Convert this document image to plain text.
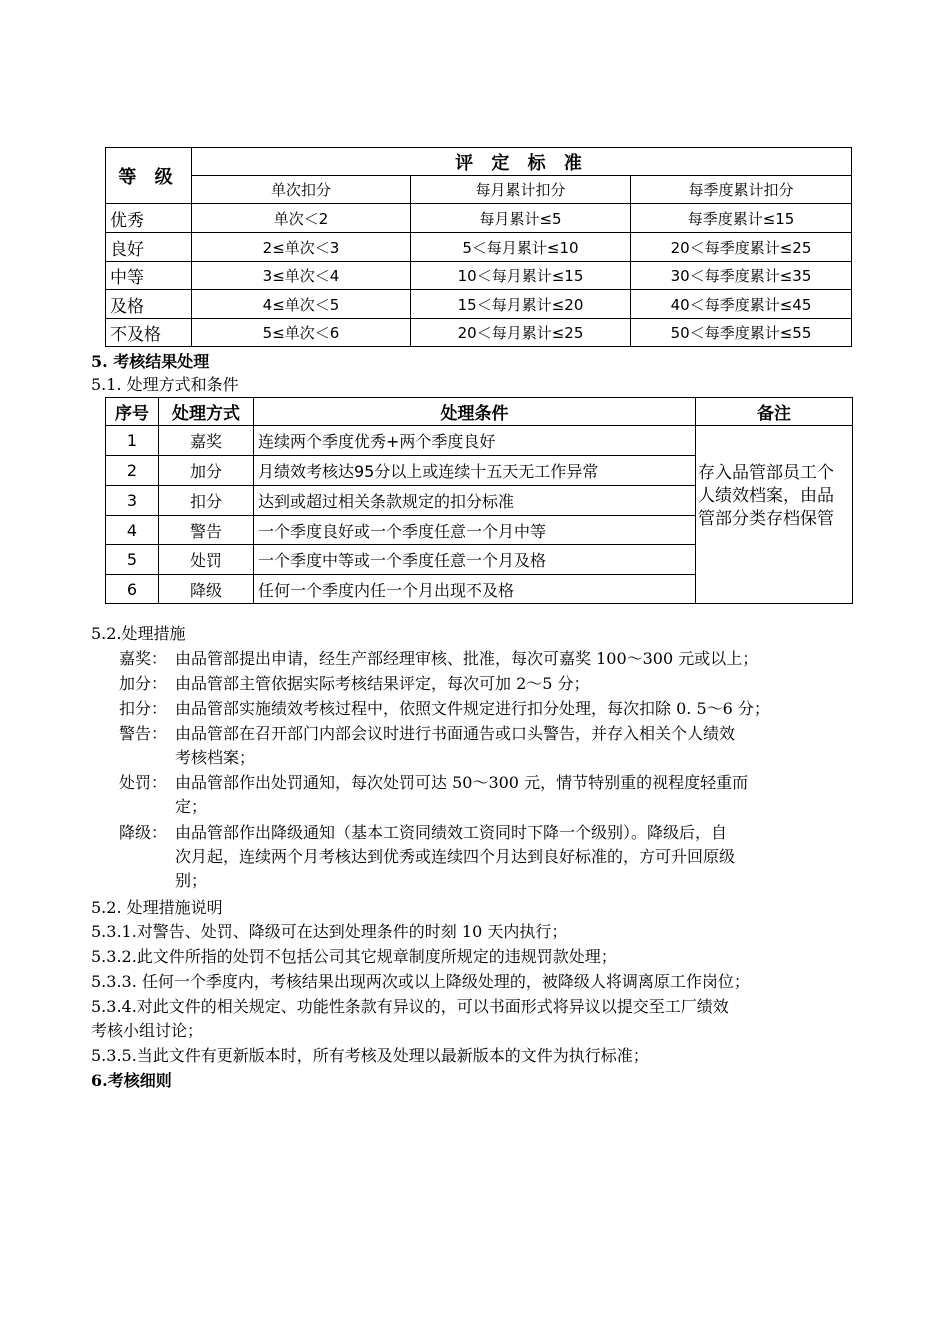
等 级	评 定 标 准		
	单次扣分	每月累计扣分	每季度累计扣分
优秀	单次＜2	每月累计≤5	每季度累计≤15
良好	2≤单次＜3	5＜每月累计≤10	20＜每季度累计≤25
中等	3≤单次＜4	10＜每月累计≤15	30＜每季度累计≤35
及格	4≤单次＜5	15＜每月累计≤20	40＜每季度累计≤45
不及格	5≤单次＜6	20＜每月累计≤25	50＜每季度累计≤55
5. 考核结果处理
5.1. 处理方式和条件
序号	处理方式	处理条件	备注
1	嘉奖	连续两个季度优秀+两个季度良好	存入品管部员工个人绩效档案，由品管部分类存档保管
2	加分	月绩效考核达95分以上或连续十五天无工作异常	
3	扣分	达到或超过相关条款规定的扣分标准	
4	警告	一个季度良好或一个季度任意一个月中等	
5	处罚	一个季度中等或一个季度任意一个月及格	
6	降级	任何一个季度内任一个月出现不及格	
5.2.处理措施
嘉奖： 由品管部提出申请，经生产部经理审核、批准，每次可嘉奖 100～300 元或以上；
加分： 由品管部主管依据实际考核结果评定，每次可加 2～5 分；
扣分： 由品管部实施绩效考核过程中，依照文件规定进行扣分处理，每次扣除 0. 5～6 分；
警告： 由品管部在召开部门内部会议时进行书面通告或口头警告，并存入相关个人绩效
考核档案；
处罚： 由品管部作出处罚通知，每次处罚可达 50～300 元，情节特别重的视程度轻重而
定；
降级： 由品管部作出降级通知（基本工资同绩效工资同时下降一个级别）。降级后，自
次月起，连续两个月考核达到优秀或连续四个月达到良好标准的，方可升回原级
别；
5.2. 处理措施说明
5.3.1.对警告、处罚、降级可在达到处理条件的时刻 10 天内执行；
5.3.2.此文件所指的处罚不包括公司其它规章制度所规定的违规罚款处理；
5.3.3. 任何一个季度内，考核结果出现两次或以上降级处理的，被降级人将调离原工作岗位；
5.3.4.对此文件的相关规定、功能性条款有异议的，可以书面形式将异议以提交至工厂绩效
考核小组讨论；
5.3.5.当此文件有更新版本时，所有考核及处理以最新版本的文件为执行标准；
6.考核细则
